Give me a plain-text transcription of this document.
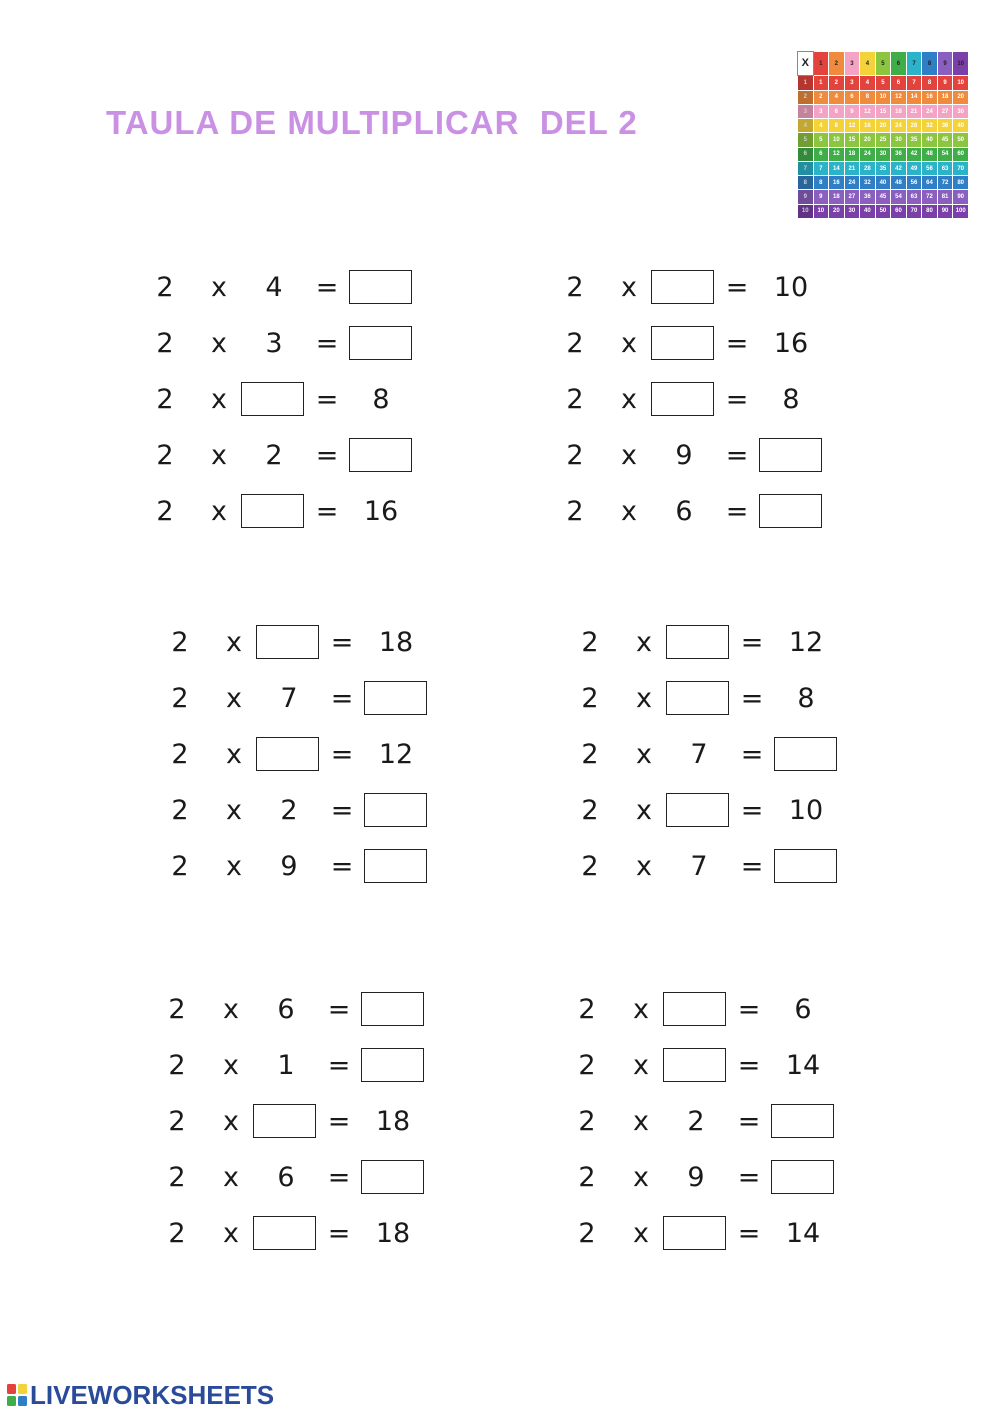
TAULA DE MULTIPLICAR  DEL 2
X	1	2	3	4	5	6	7	8	9	10
1	1	2	3	4	5	6	7	8	9	10
2	2	4	6	8	10	12	14	16	18	20
3	3	6	9	12	15	18	21	24	27	30
4	4	8	12	16	20	24	28	32	36	40
5	5	10	15	20	25	30	35	40	45	50
6	6	12	18	24	30	36	42	48	54	60
7	7	14	21	28	35	42	49	56	63	70
8	8	16	24	32	40	48	56	64	72	80
9	9	18	27	36	45	54	63	72	81	90
10	10	20	30	40	50	60	70	80	90	100
2 x	4	=
2 x	3	=
2 x	=	8
2 x	2	=
2 x	= 16
2 x	= 10
2 x	= 16
2 x	=	8
2 x	9	=
2 x	6	=
2 x	= 18
2 x	7	=
2 x	= 12
2 x	2	=
2 x	9	=
2 x	= 12
2 x	=	8
2 x	7	=
2 x	= 10
2 x	7	=
2 x	6	=
2 x	1	=
2 x	= 18
2 x	6	=
2 x	= 18
2 x	=	6
2 x	= 14
2 x	2	=
2 x	9	=
2 x	= 14
LIVEWORKSHEETS
